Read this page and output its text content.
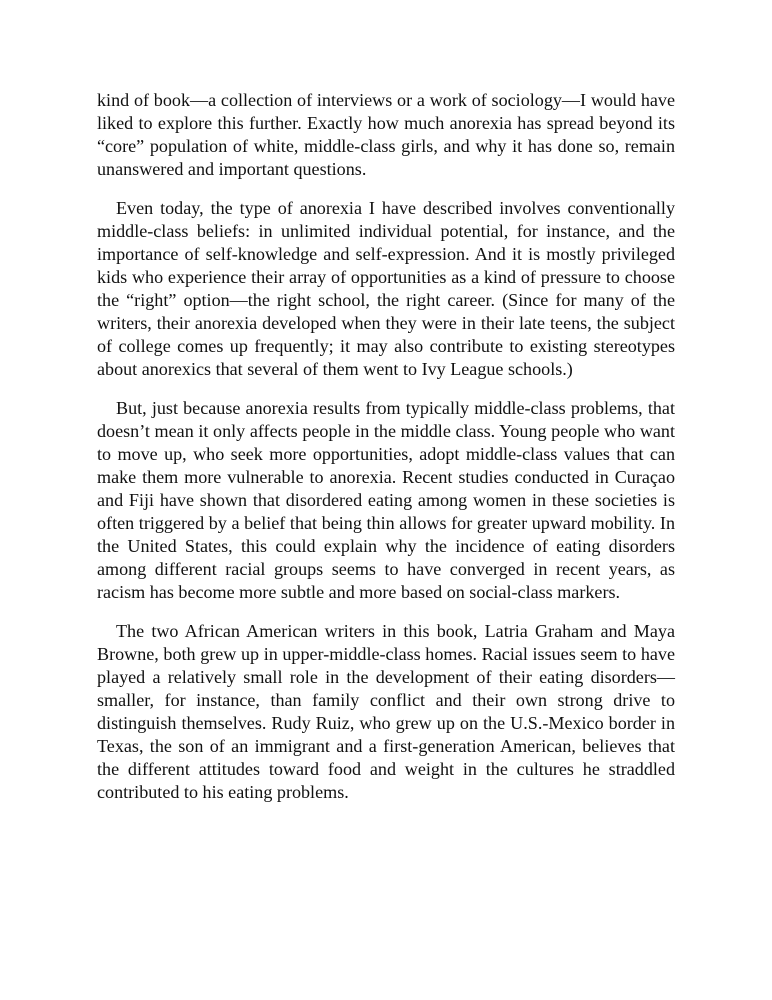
kind of book—a collection of interviews or a work of sociology—I would have liked to explore this further. Exactly how much anorexia has spread beyond its “core” population of white, middle-class girls, and why it has done so, remain unanswered and important questions.

Even today, the type of anorexia I have described involves conventionally middle-class beliefs: in unlimited individual potential, for instance, and the importance of self-knowledge and self-expression. And it is mostly privileged kids who experience their array of opportunities as a kind of pressure to choose the “right” option—the right school, the right career. (Since for many of the writers, their anorexia developed when they were in their late teens, the subject of college comes up frequently; it may also contribute to existing stereotypes about anorexics that several of them went to Ivy League schools.)

But, just because anorexia results from typically middle-class problems, that doesn’t mean it only affects people in the middle class. Young people who want to move up, who seek more opportunities, adopt middle-class values that can make them more vulnerable to anorexia. Recent studies conducted in Curaçao and Fiji have shown that disordered eating among women in these societies is often triggered by a belief that being thin allows for greater upward mobility. In the United States, this could explain why the incidence of eating disorders among different racial groups seems to have converged in recent years, as racism has become more subtle and more based on social-class markers.

The two African American writers in this book, Latria Graham and Maya Browne, both grew up in upper-middle-class homes. Racial issues seem to have played a relatively small role in the development of their eating disorders—smaller, for instance, than family conflict and their own strong drive to distinguish themselves. Rudy Ruiz, who grew up on the U.S.-Mexico border in Texas, the son of an immigrant and a first-generation American, believes that the different attitudes toward food and weight in the cultures he straddled contributed to his eating problems.
